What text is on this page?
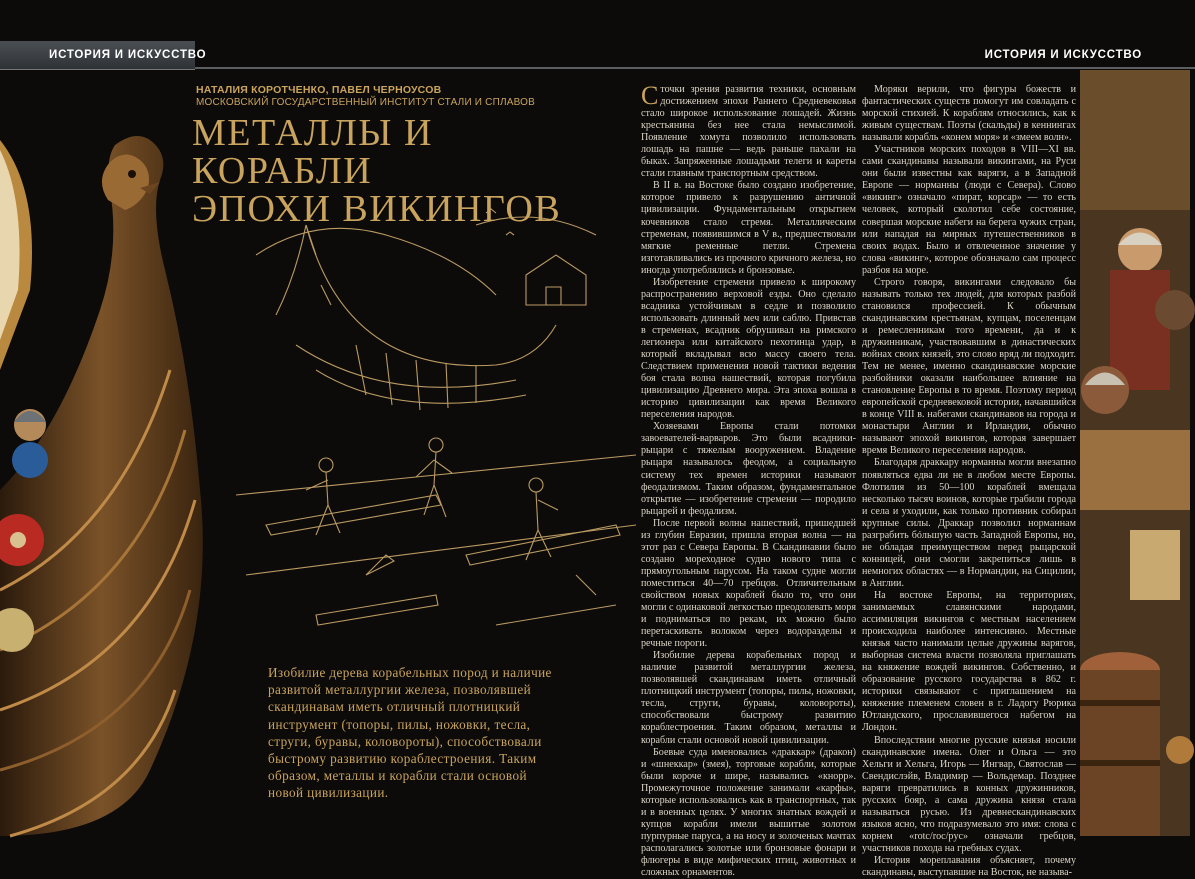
ИСТОРИЯ И ИСКУССТВО	ИСТОРИЯ И ИСКУССТВО
НАТАЛИЯ КОРОТЧЕНКО, ПАВЕЛ ЧЕРНОУСОВ
МОСКОВСКИЙ ГОСУДАРСТВЕННЫЙ ИНСТИТУТ СТАЛИ И СПЛАВОВ
МЕТАЛЛЫ И КОРАБЛИ
ЭПОХИ ВИКИНГОВ
Изобилие дерева корабельных пород и наличие развитой металлургии железа, позволявшей скандинавам иметь отличный плотницкий инструмент (топоры, пилы, ножовки, тесла, струги, буравы, коловороты), способствовали быстрому развитию кораблестроения. Таким образом, металлы и корабли стали основой новой цивилизации.

Сточки зрения развития техники, основным достижением эпохи Раннего Средневековья стало широкое использование лошадей. Жизнь крестьянина без нее стала немыслимой. Появление хомута позволило использовать лошадь на пашне — ведь раньше пахали на быках. Запряженные лошадьми телеги и кареты стали главным транспортным средством.

В II в. на Востоке было создано изобретение, которое привело к разрушению античной цивилизации. Фундаментальным открытием кочевников стало стремя. Металлическим стременам, появившимся в V в., предшествовали мягкие ременные петли. Стремена изготавливались из прочного кричного железа, но иногда употреблялись и бронзовые.

Изобретение стремени привело к широкому распространению верховой езды. Оно сделало всадника устойчивым в седле и позволило использовать длинный меч или саблю. Привстав в стременах, всадник обрушивал на римского легионера или китайского пехотинца удар, в который вкладывал всю массу своего тела. Следствием применения новой тактики ведения боя стала волна нашествий, которая погубила цивилизацию Древнего мира. Эта эпоха вошла в историю цивилизации как время Великого переселения народов.

Хозяевами Европы стали потомки завоевателей-варваров. Это были всадники-рыцари с тяжелым вооружением. Владение рыцаря называлось феодом, а социальную систему тех времен историки называют феодализмом. Таким образом, фундаментальное открытие — изобретение стремени — породило рыцарей и феодализм.

После первой волны нашествий, пришедшей из глубин Евразии, пришла вторая волна — на этот раз с Севера Европы. В Скандинавии было создано мореходное судно нового типа с прямоугольным парусом. На таком судне могли поместиться 40—70 гребцов. Отличительным свойством новых кораблей было то, что они могли с одинаковой легкостью преодолевать моря и подниматься по рекам, их можно было перетаскивать волоком через водоразделы и речные пороги.

Изобилие дерева корабельных пород и наличие развитой металлургии железа, позволявшей скандинавам иметь отличный плотницкий инструмент (топоры, пилы, ножовки, тесла, струги, буравы, коловороты), способствовали быстрому развитию кораблестроения. Таким образом, металлы и корабли стали основой новой цивилизации.

Боевые суда именовались «драккар» (дракон) и «шнеккар» (змея), торговые корабли, которые были короче и шире, назывались «кнорр». Промежуточное положение занимали «карфы», которые использовались как в транспортных, так и в военных целях. У многих знатных вождей и купцов корабли имели вышитые золотом пурпурные паруса, а на носу и золоченых мачтах располагались золотые или бронзовые фонари и флюгеры в виде мифических птиц, животных и сложных орнаментов.

Моряки верили, что фигуры божеств и фантастических существ помогут им совладать с морской стихией. К кораблям относились, как к живым существам. Поэты (скальды) в кеннингах называли корабль «конем моря» и «змеем волн».

Участников морских походов в VIII—XI вв. сами скандинавы называли викингами, на Руси они были известны как варяги, а в Западной Европе — норманны (люди с Севера). Слово «викинг» означало «пират, корсар» — то есть человек, который сколотил себе состояние, совершая морские набеги на берега чужих стран, или нападая на мирных путешественников в своих водах. Было и отвлеченное значение у слова «викинг», которое обозначало сам процесс разбоя на море.

Строго говоря, викингами следовало бы называть только тех людей, для которых разбой становился профессией. К обычным скандинавским крестьянам, купцам, поселенцам и ремесленникам того времени, да и к дружинникам, участвовавшим в династических войнах своих князей, это слово вряд ли подходит. Тем не менее, именно скандинавские морские разбойники оказали наибольшее влияние на становление Европы в то время. Поэтому период европейской средневековой истории, начавшийся в конце VIII в. набегами скандинавов на города и монастыри Англии и Ирландии, обычно называют эпохой викингов, которая завершает время Великого переселения народов.

Благодаря драккару норманны могли внезапно появляться едва ли не в любом месте Европы. Флотилия из 50—100 кораблей вмещала несколько тысяч воинов, которые грабили города и села и уходили, как только противник собирал крупные силы. Драккар позволил норманнам разграбить бóльшую часть Западной Европы, но, не обладая преимуществом перед рыцарской конницей, они смогли закрепиться лишь в немногих областях — в Нормандии, на Сицилии, в Англии.

На востоке Европы, на территориях, занимаемых славянскими народами, ассимиляция викингов с местным населением происходила наиболее интенсивно. Местные князья часто нанимали целые дружины варягов, выборная система власти позволяла приглашать на княжение вождей викингов. Собственно, и образование русского государства в 862 г. историки связывают с приглашением на княжение племенем словен в г. Ладогу Рюрика Ютландского, прославившегося набегом на Лондон.

Впоследствии многие русские князья носили скандинавские имена. Олег и Ольга — это Хельги и Хельга, Игорь — Ингвар, Святослав — Свендислэйв, Владимир — Вольдемар. Позднее варяги превратились в конных дружинников, русских бояр, а сама дружина князя стала называться русью. Из древнескандинавских языков ясно, что подразумевало это имя: слова с корнем «rotc/roc/pyc» означали гребцов, участников похода на гребных судах.

История мореплавания объясняет, почему скандинавы, выступавшие на Восток, не называ-
